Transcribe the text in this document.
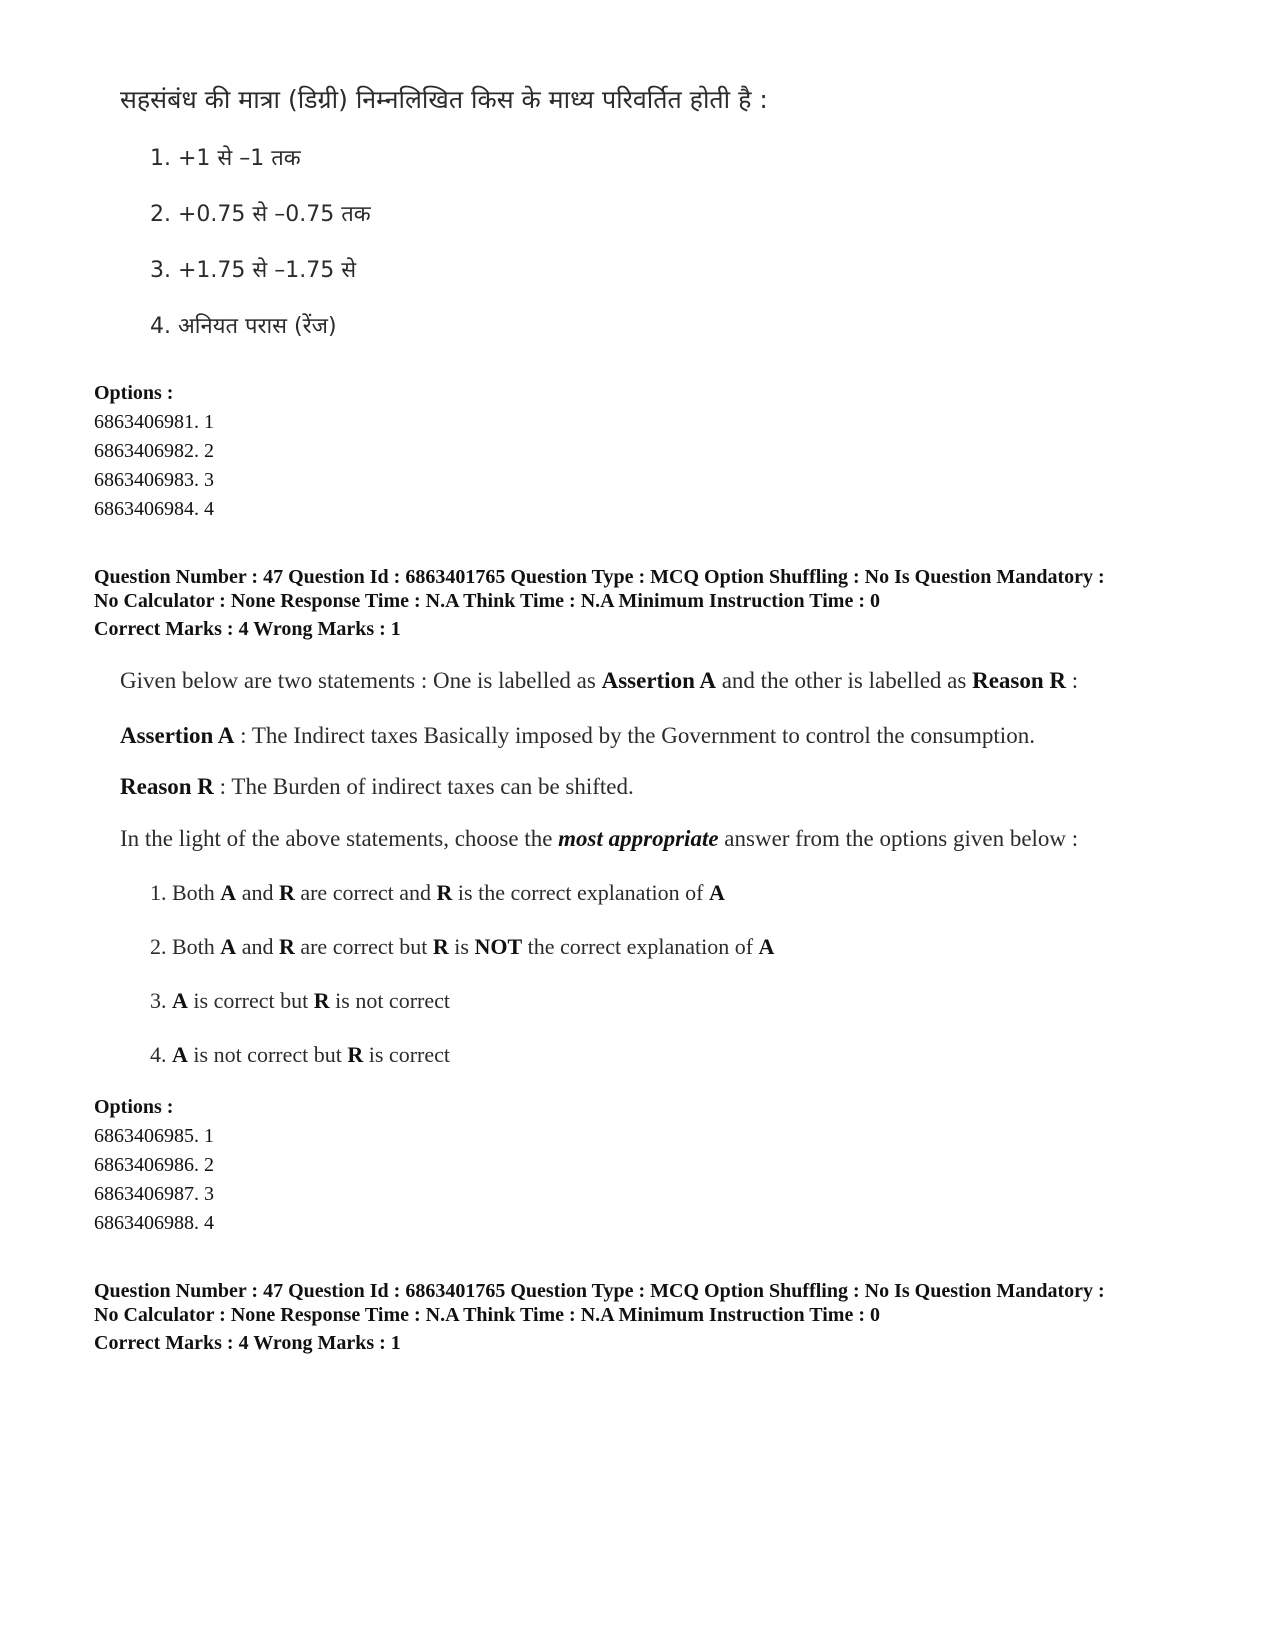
सहसंबंध की मात्रा (डिग्री) निम्नलिखित किस के माध्य परिवर्तित होती है :
1. +1 से –1 तक
2. +0.75 से –0.75 तक
3. +1.75 से –1.75 से
4. अनियत परास (रेंज)
Options :
6863406981. 1
6863406982. 2
6863406983. 3
6863406984. 4
Question Number : 47 Question Id : 6863401765 Question Type : MCQ Option Shuffling : No Is Question Mandatory :
No Calculator : None Response Time : N.A Think Time : N.A Minimum Instruction Time : 0
Correct Marks : 4 Wrong Marks : 1
Given below are two statements : One is labelled as Assertion A and the other is labelled as Reason R :
Assertion A : The Indirect taxes Basically imposed by the Government to control the consumption.
Reason R : The Burden of indirect taxes can be shifted.
In the light of the above statements, choose the most appropriate answer from the options given below :
1. Both A and R are correct and R is the correct explanation of A
2. Both A and R are correct but R is NOT the correct explanation of A
3. A is correct but R is not correct
4. A is not correct but R is correct
Options :
6863406985. 1
6863406986. 2
6863406987. 3
6863406988. 4
Question Number : 47 Question Id : 6863401765 Question Type : MCQ Option Shuffling : No Is Question Mandatory :
No Calculator : None Response Time : N.A Think Time : N.A Minimum Instruction Time : 0
Correct Marks : 4 Wrong Marks : 1
